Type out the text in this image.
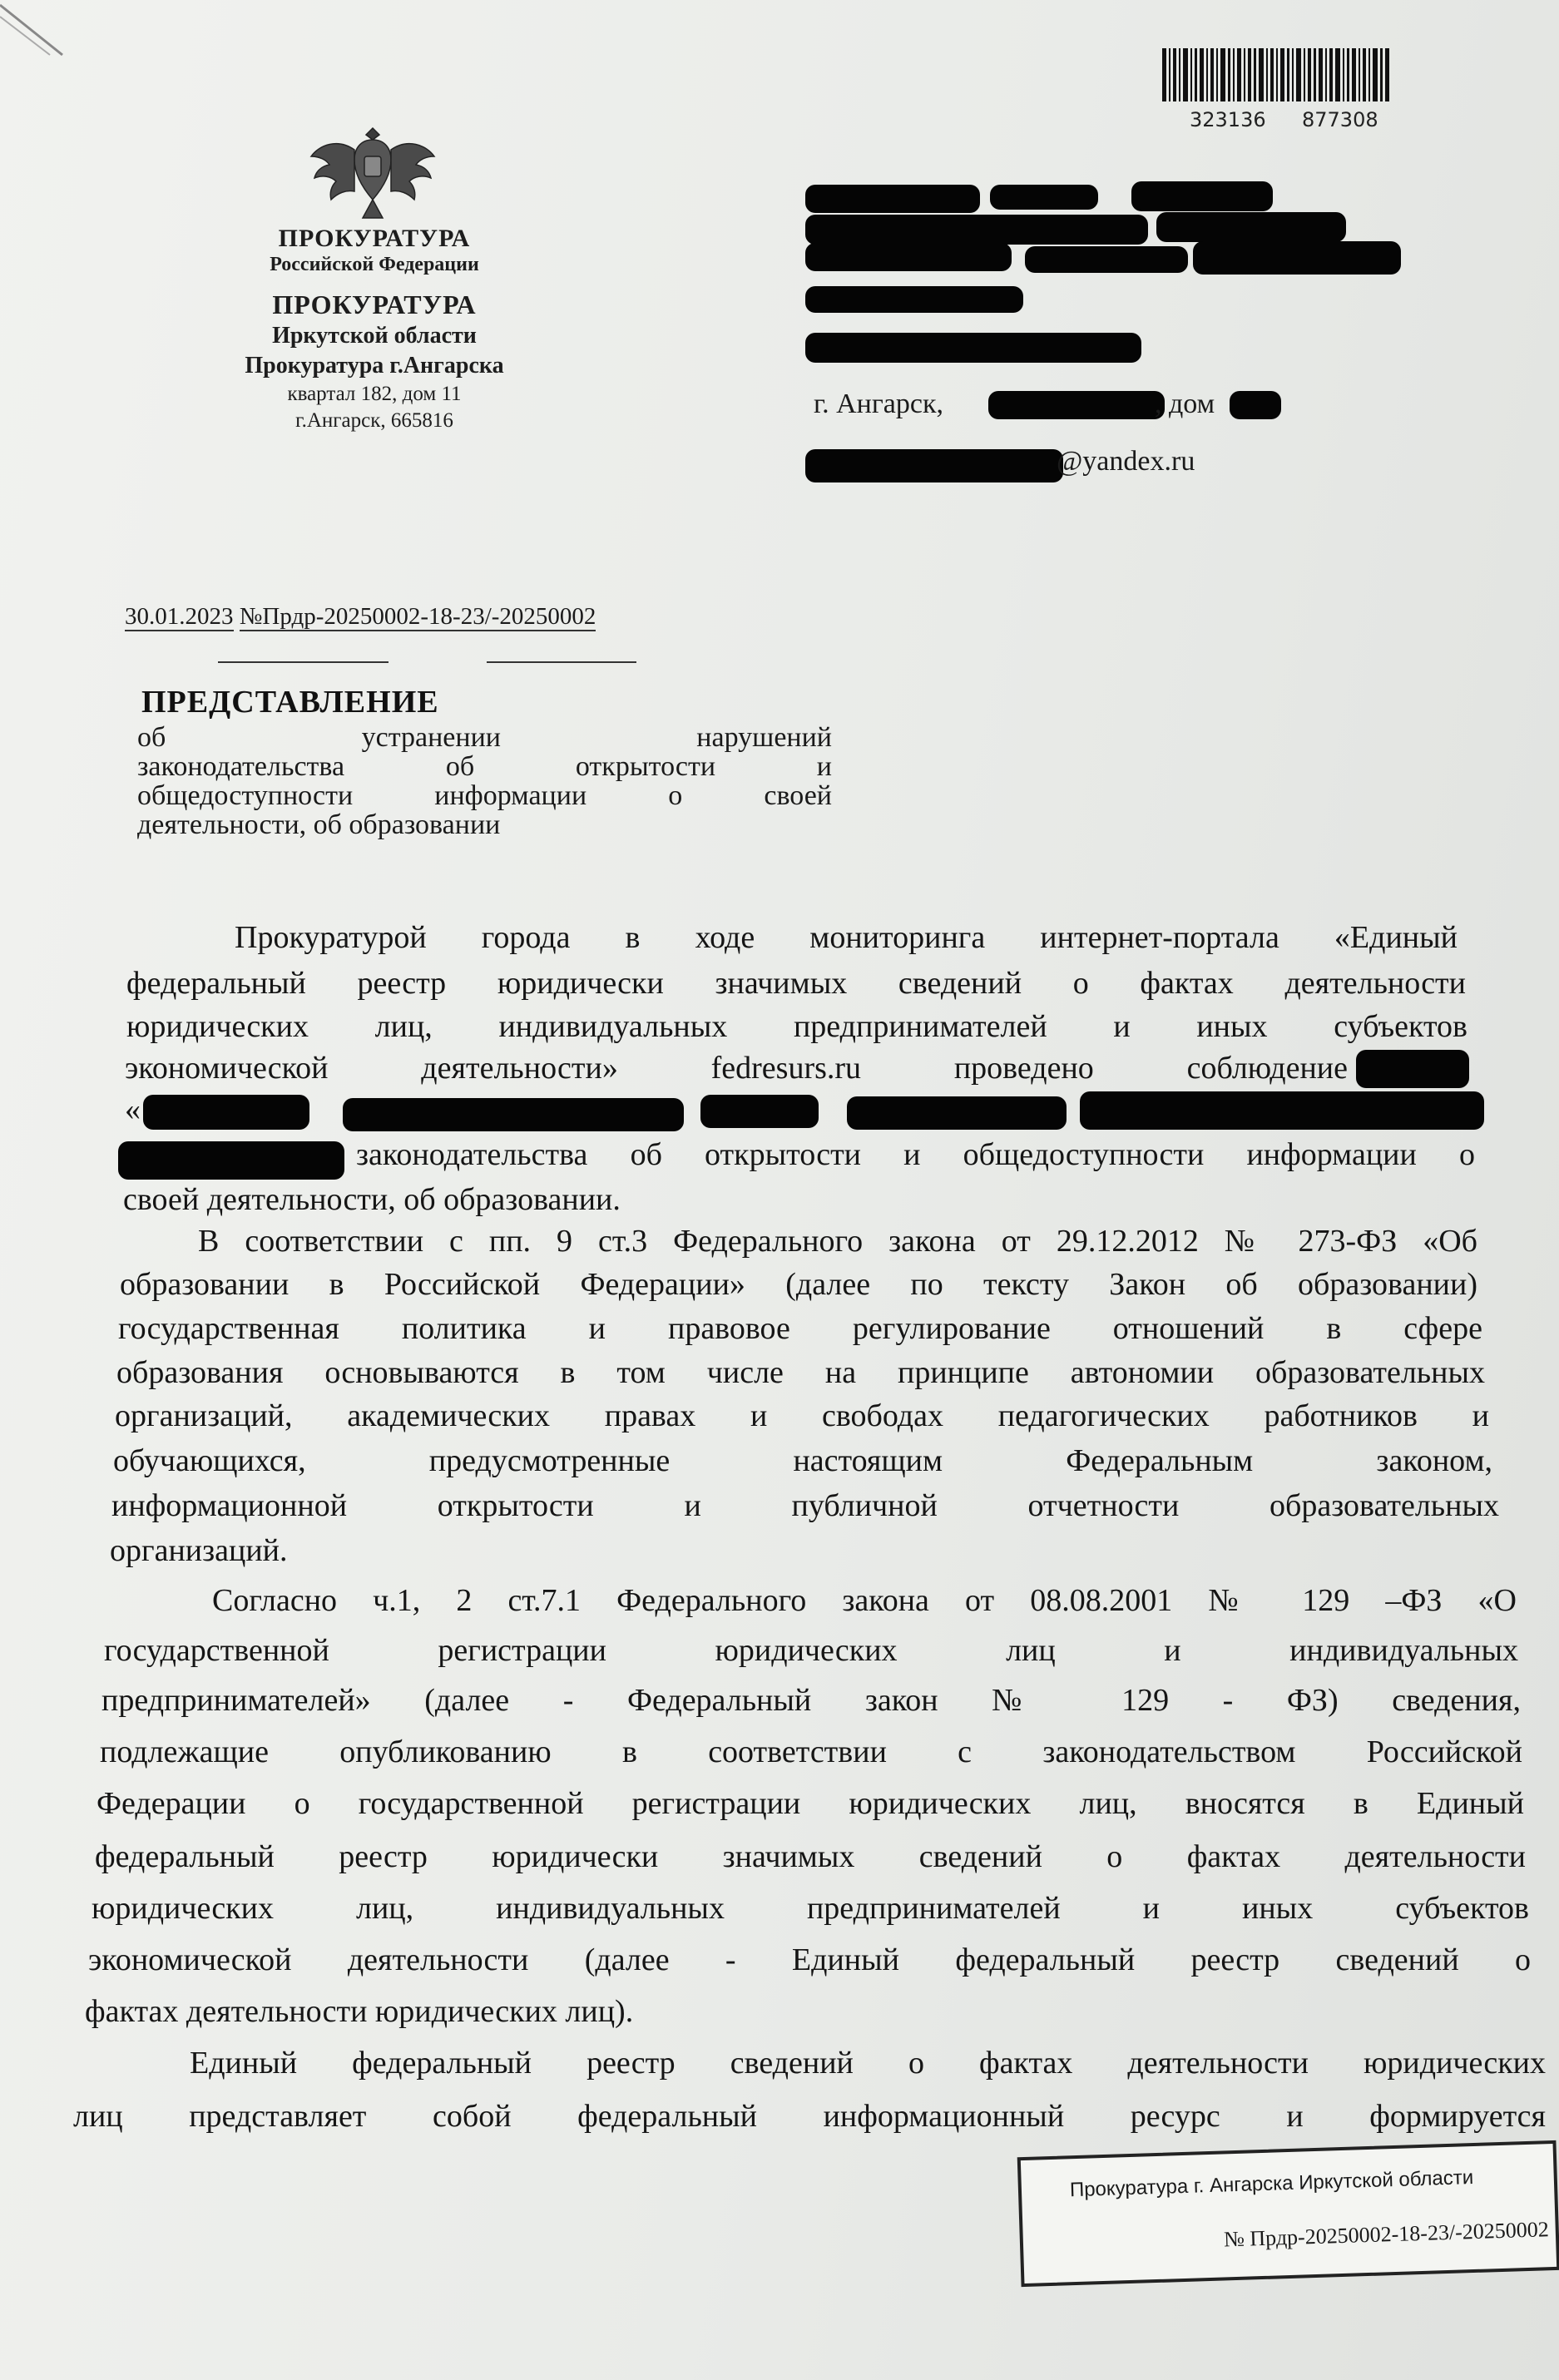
323136 877308
ПРОКУРАТУРА
Российской Федерации
ПРОКУРАТУРА
Иркутской области
Прокуратура г.Ангарска
квартал 182, дом 11
г.Ангарск, 665816
г. Ангарск,	, дом
@yandex.ru
30.01.2023 №Прдр-20250002-18-23/-20250002
ПРЕДСТАВЛЕНИЕ
об устранении нарушений
законодательства об открытости и
общедоступности информации о своей
деятельности, об образовании
Прокуратурой города в ходе мониторинга интернет-портала «Единый
федеральный реестр юридически значимых сведений о фактах деятельности
юридических лиц, индивидуальных предпринимателей и иных субъектов
экономической деятельности» fedresurs.ru проведено соблюдение
«
законодательства об открытости и общедоступности информации о
своей деятельности, об образовании.
В соответствии с пп. 9 ст.3 Федерального закона от 29.12.2012 № 273-ФЗ «Об
образовании в Российской Федерации» (далее по тексту Закон об образовании)
государственная политика и правовое регулирование отношений в сфере
образования основываются в том числе на принципе автономии образовательных
организаций, академических правах и свободах педагогических работников и
обучающихся, предусмотренные настоящим Федеральным законом,
информационной открытости и публичной отчетности образовательных
организаций.
Согласно ч.1, 2 ст.7.1 Федерального закона от 08.08.2001 № 129 –ФЗ «О
государственной регистрации юридических лиц и индивидуальных
предпринимателей» (далее - Федеральный закон № 129 - ФЗ) сведения,
подлежащие опубликованию в соответствии с законодательством Российской
Федерации о государственной регистрации юридических лиц, вносятся в Единый
федеральный реестр юридически значимых сведений о фактах деятельности
юридических лиц, индивидуальных предпринимателей и иных субъектов
экономической деятельности (далее - Единый федеральный реестр сведений о
фактах деятельности юридических лиц).
Единый федеральный реестр сведений о фактах деятельности юридических
лиц представляет собой федеральный информационный ресурс и формируется
Прокуратура г. Ангарска Иркутской области
№ Прдр-20250002-18-23/-20250002
